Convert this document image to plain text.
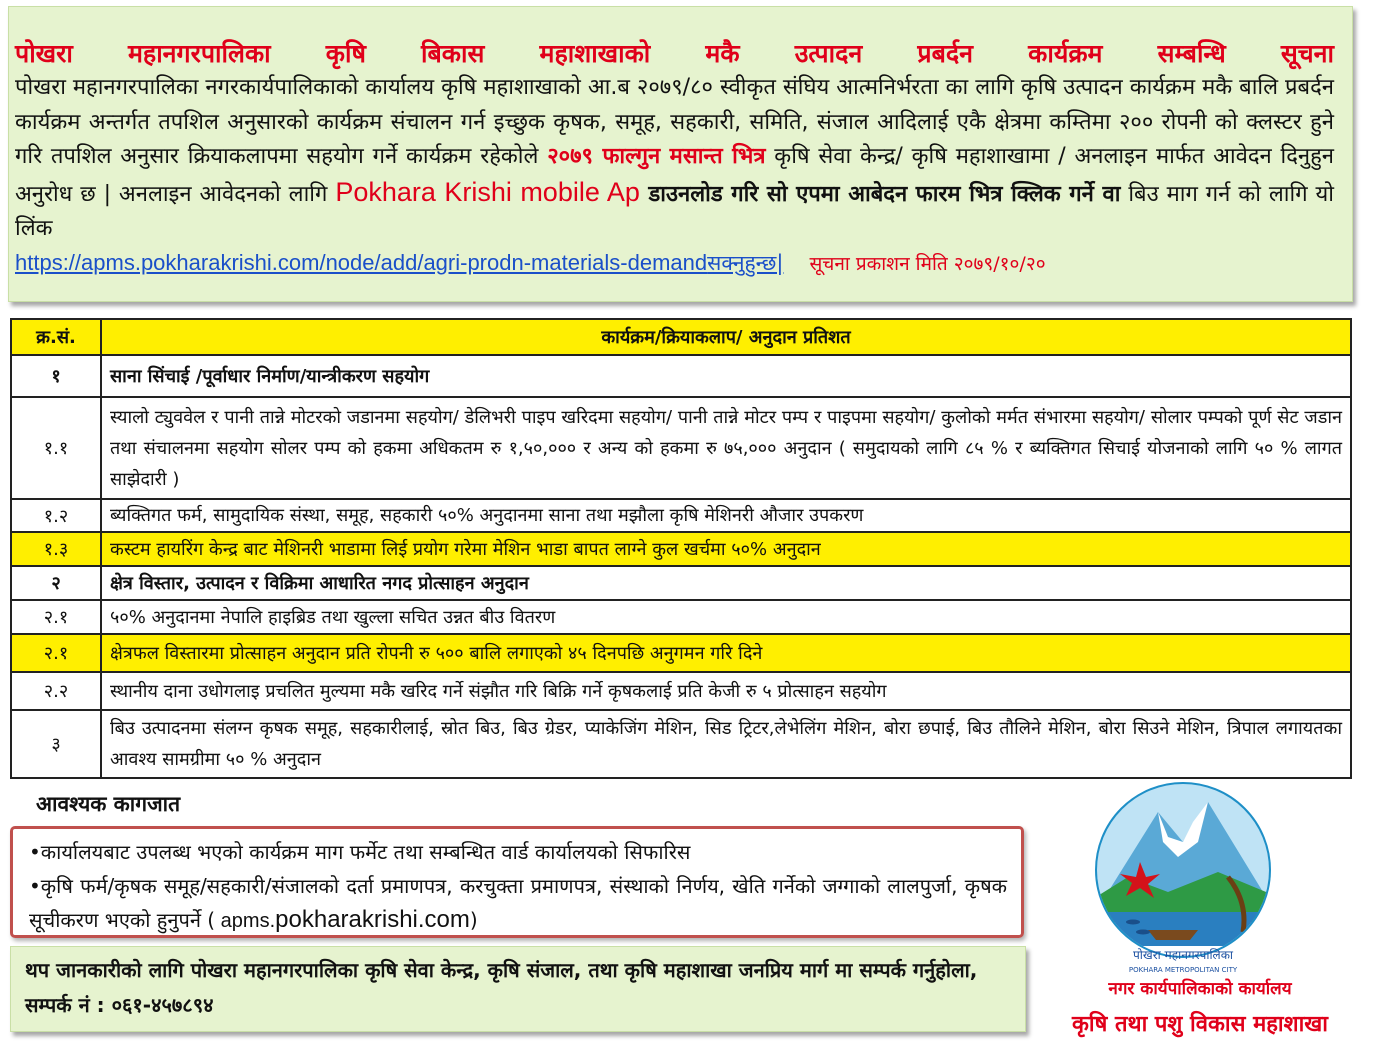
पोखरा महानगरपालिका कृषि बिकास महाशाखाको मकै उत्पादन प्रबर्दन कार्यक्रम सम्बन्धि सूचना
पोखरा महानगरपालिका नगरकार्यपालिकाको कार्यालय कृषि महाशाखाको आ.ब २०७९/८० स्वीकृत संघिय आत्मनिर्भरता का लागि कृषि उत्पादन कार्यक्रम मकै बालि प्रबर्दन कार्यक्रम अन्तर्गत तपशिल अनुसारको कार्यक्रम संचालन गर्न इच्छुक कृषक, समूह, सहकारी, समिति, संजाल आदिलाई एकै क्षेत्रमा कम्तिमा २०० रोपनी को क्लस्टर हुने गरि तपशिल अनुसार क्रियाकलापमा सहयोग गर्ने कार्यक्रम रहेकोले २०७९ फाल्गुन मसान्त भित्र कृषि सेवा केन्द्र/ कृषि महाशाखामा / अनलाइन मार्फत आवेदन दिनुहुन अनुरोध छ | अनलाइन आवेदनको लागि Pokhara Krishi mobile Ap डाउनलोड गरि सो एपमा आबेदन फारम भित्र क्लिक गर्ने वा बिउ माग गर्न को लागि यो लिंक
https://apms.pokharakrishi.com/node/add/agri-prodn-materials-demand सक्नुहुन्छ| सूचना प्रकाशन मिति २०७९/१०/२०
क्र.सं.	कार्यक्रम/क्रियाकलाप/ अनुदान प्रतिशत
१	साना सिंचाई /पूर्वाधार निर्माण/यान्त्रीकरण सहयोग
१.१	स्यालो ट्युववेल र पानी तान्ने मोटरको जडानमा सहयोग/ डेलिभरी पाइप खरिदमा सहयोग/ पानी तान्ने मोटर पम्प र पाइपमा सहयोग/ कुलोको मर्मत संभारमा सहयोग/ सोलार पम्पको पूर्ण सेट जडान तथा संचालनमा सहयोग सोलर पम्प को हकमा अधिकतम रु १,५०,००० र अन्य को हकमा रु ७५,००० अनुदान ( समुदायको लागि ८५ % र ब्यक्तिगत सिचाई योजनाको लागि ५० % लागत साझेदारी )
१.२	ब्यक्तिगत फर्म, सामुदायिक संस्था, समूह, सहकारी ५०% अनुदानमा साना तथा मझौला कृषि मेशिनरी औजार उपकरण
१.३	कस्टम हायरिंग केन्द्र बाट मेशिनरी भाडामा लिई प्रयोग गरेमा मेशिन भाडा बापत लाग्ने कुल खर्चमा ५०% अनुदान
२	क्षेत्र विस्तार, उत्पादन र विक्रिमा आधारित नगद प्रोत्साहन अनुदान
२.१	५०% अनुदानमा नेपालि हाइब्रिड तथा खुल्ला सचित उन्नत बीउ वितरण
२.१	क्षेत्रफल विस्तारमा प्रोत्साहन अनुदान प्रति रोपनी रु ५०० बालि लगाएको ४५ दिनपछि अनुगमन गरि दिने
२.२	स्थानीय दाना उधोगलाइ प्रचलित मुल्यमा मकै खरिद गर्ने संझौत गरि बिक्रि गर्ने कृषकलाई प्रति केजी रु ५ प्रोत्साहन सहयोग
३	बिउ उत्पादनमा संलग्न कृषक समूह, सहकारीलाई, स्रोत बिउ, बिउ ग्रेडर, प्याकेजिंग मेशिन, सिड ट्रिटर,लेभेलिंग मेशिन, बोरा छपाई, बिउ तौलिने मेशिन, बोरा सिउने मेशिन, त्रिपाल लगायतका आवश्य सामग्रीमा ५० % अनुदान
आवश्यक कागजात
•कार्यालयबाट उपलब्ध भएको कार्यक्रम माग फर्मेट तथा सम्बन्धित वार्ड कार्यालयको सिफारिस
•कृषि फर्म/कृषक समूह/सहकारी/संजालको दर्ता प्रमाणपत्र, करचुक्ता प्रमाणपत्र, संस्थाको निर्णय, खेति गर्नेको जग्गाको लालपुर्जा, कृषक सूचीकरण भएको हुनुपर्ने ( apms.pokharakrishi.com)
थप जानकारीको लागि पोखरा महानगरपालिका कृषि सेवा केन्द्र, कृषि संजाल, तथा कृषि महाशाखा जनप्रिय मार्ग मा सम्पर्क गर्नुहोला, सम्पर्क नं : ०६१-४५७८९४
पोखरा महानगरपालिका
POKHARA METROPOLITAN CITY
नगर कार्यपालिकाको कार्यालय
कृषि तथा पशु विकास महाशाखा
